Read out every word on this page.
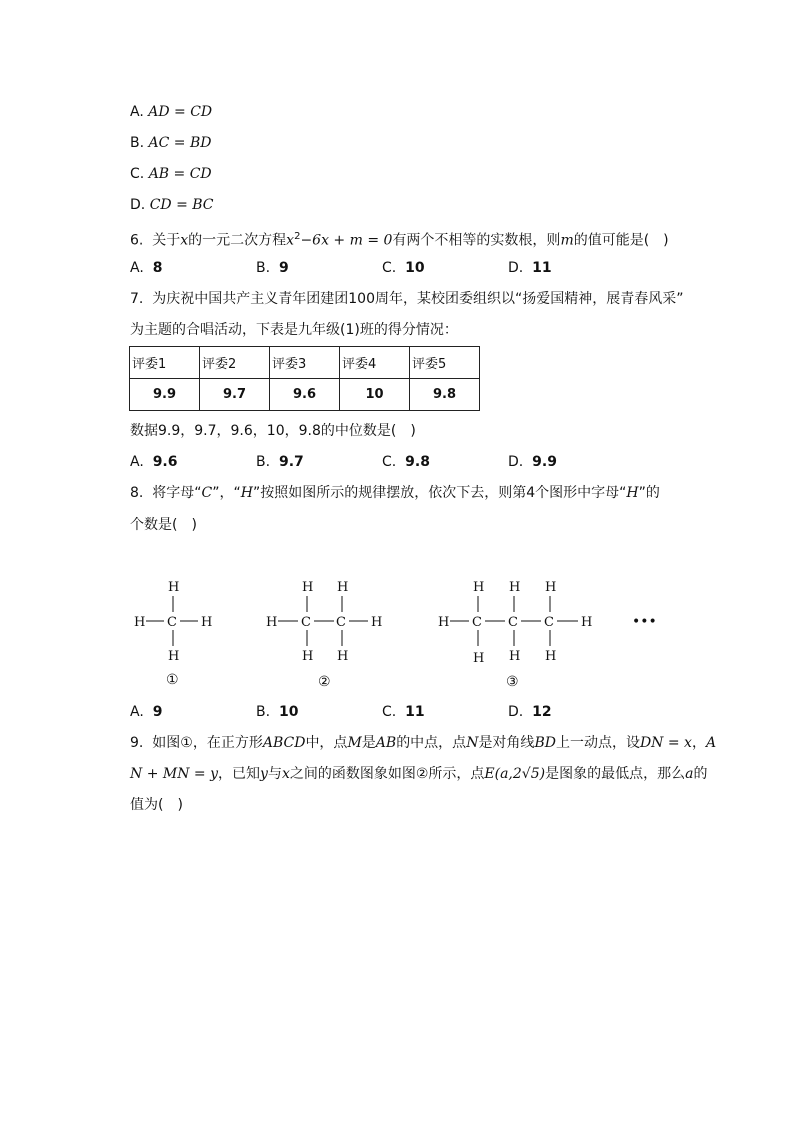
A. AD = CD
B. AC = BD
C. AB = CD
D. CD = BC
6. 关于x的一元二次方程$x^2-6x + m = 0$有两个不相等的实数根，则m的值可能是(　)
A. 8	B. 9	C. 10	D. 11
7. 为庆祝中国共产主义青年团建团100周年，某校团委组织以“扬爱国精神，展青春风采”
为主题的合唱活动，下表是九年级(1)班的得分情况：
评委1	评委2	评委3	评委4	评委5
9.9	9.7	9.6	10	9.8
数据9.9，9.7，9.6，10，9.8的中位数是(　)
A. 9.6	B. 9.7	C. 9.8	D. 9.9
8. 将字母“C”，“H”按照如图所示的规律摆放，依次下去，则第4个图形中字母“H”的
个数是(　)
H
H C H
H
H H
H C C H
H H
H H H
H C C C H
H H H
•••
①	②	③
A. 9	B. 10	C. 11	D. 12
9. 如图①，在正方形ABCD中，点M是AB的中点，点N是对角线BD上一动点，设DN = x，A
N + MN = y，已知y与x之间的函数图象如图②所示，点E(a,2√5)是图象的最低点，那么a的
值为(　)
